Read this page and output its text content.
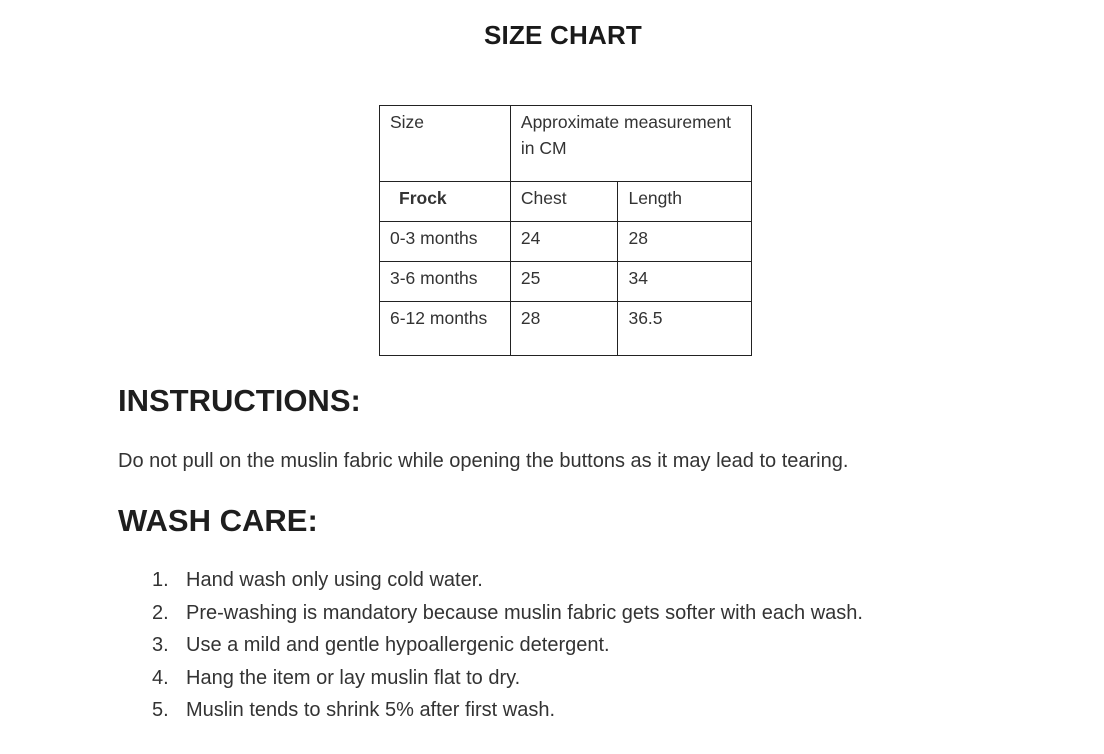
SIZE CHART
Size	Approximate measurement in CM	
Frock	Chest	Length
0-3 months	24	28
3-6 months	25	34
6-12 months	28	36.5
INSTRUCTIONS:
Do not pull on the muslin fabric while opening the buttons as it may lead to tearing.
WASH CARE:
1. Hand wash only using cold water.
2. Pre-washing is mandatory because muslin fabric gets softer with each wash.
3. Use a mild and gentle hypoallergenic detergent.
4. Hang the item or lay muslin flat to dry.
5. Muslin tends to shrink 5% after first wash.
